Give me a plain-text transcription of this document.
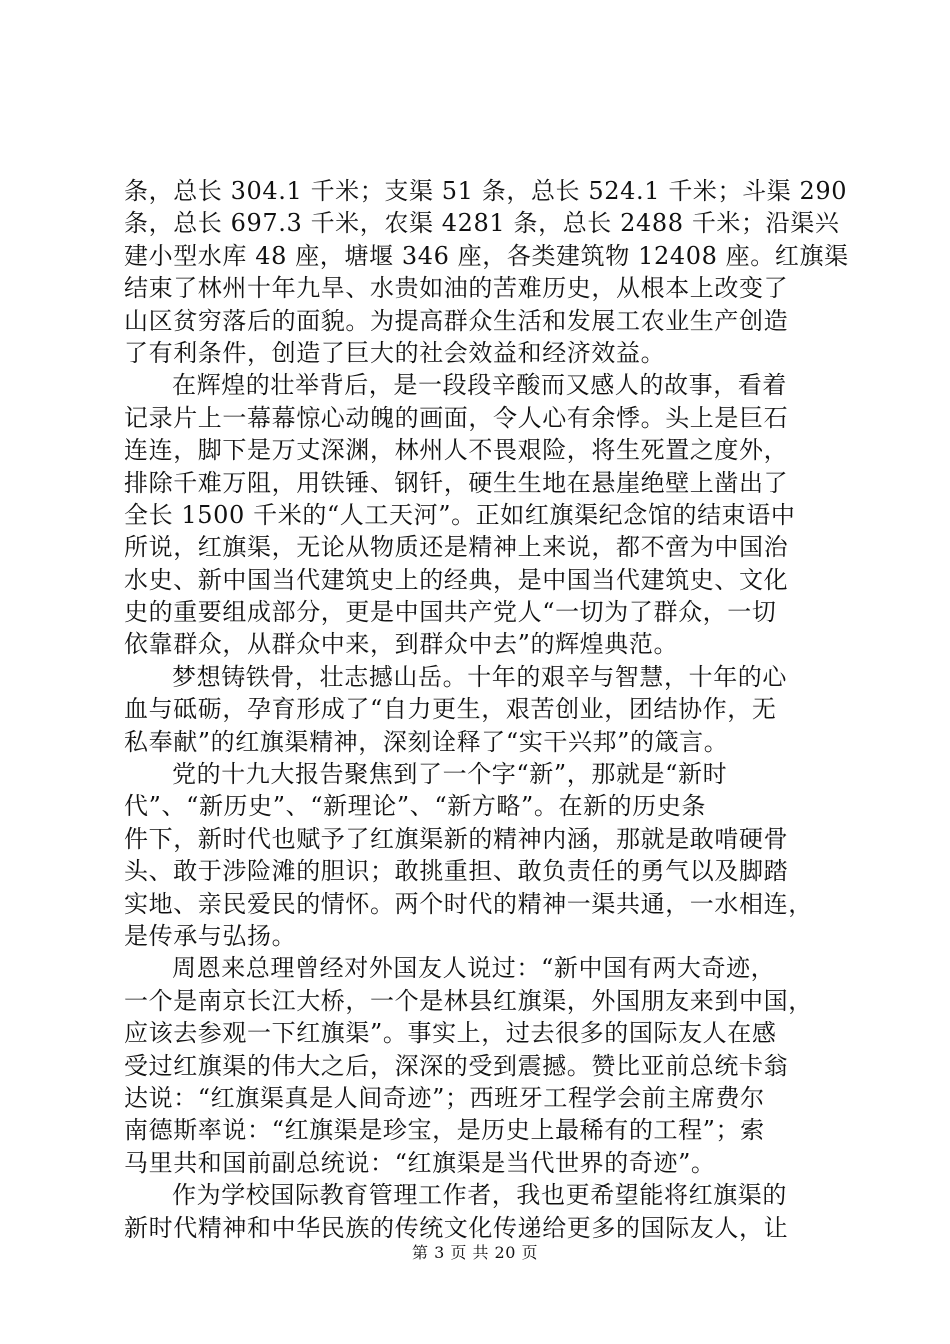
条，总长 304.1 千米；支渠 51 条，总长 524.1 千米；斗渠 290
条，总长 697.3 千米，农渠 4281 条，总长 2488 千米；沿渠兴
建小型水库 48 座，塘堰 346 座，各类建筑物 12408 座。红旗渠
结束了林州十年九旱、水贵如油的苦难历史，从根本上改变了
山区贫穷落后的面貌。为提高群众生活和发展工农业生产创造
了有利条件，创造了巨大的社会效益和经济效益。
在辉煌的壮举背后，是一段段辛酸而又感人的故事，看着
记录片上一幕幕惊心动魄的画面，令人心有余悸。头上是巨石
连连，脚下是万丈深渊，林州人不畏艰险，将生死置之度外，
排除千难万阻，用铁锤、钢钎，硬生生地在悬崖绝壁上凿出了
全长 1500 千米的“人工天河”。正如红旗渠纪念馆的结束语中
所说，红旗渠，无论从物质还是精神上来说，都不啻为中国治
水史、新中国当代建筑史上的经典，是中国当代建筑史、文化
史的重要组成部分，更是中国共产党人“一切为了群众，一切
依靠群众，从群众中来，到群众中去”的辉煌典范。
梦想铸铁骨，壮志撼山岳。十年的艰辛与智慧，十年的心
血与砥砺，孕育形成了“自力更生，艰苦创业，团结协作，无
私奉献”的红旗渠精神，深刻诠释了“实干兴邦”的箴言。
党的十九大报告聚焦到了一个字“新”，那就是“新时
代”、“新历史”、“新理论”、“新方略”。在新的历史条
件下，新时代也赋予了红旗渠新的精神内涵，那就是敢啃硬骨
头、敢于涉险滩的胆识；敢挑重担、敢负责任的勇气以及脚踏
实地、亲民爱民的情怀。两个时代的精神一渠共通，一水相连，
是传承与弘扬。
周恩来总理曾经对外国友人说过：“新中国有两大奇迹，
一个是南京长江大桥，一个是林县红旗渠，外国朋友来到中国，
应该去参观一下红旗渠”。事实上，过去很多的国际友人在感
受过红旗渠的伟大之后，深深的受到震撼。赞比亚前总统卡翁
达说：“红旗渠真是人间奇迹”；西班牙工程学会前主席费尔
南德斯率说：“红旗渠是珍宝，是历史上最稀有的工程”；索
马里共和国前副总统说：“红旗渠是当代世界的奇迹”。
作为学校国际教育管理工作者，我也更希望能将红旗渠的
新时代精神和中华民族的传统文化传递给更多的国际友人，让
第 3 页 共 20 页
